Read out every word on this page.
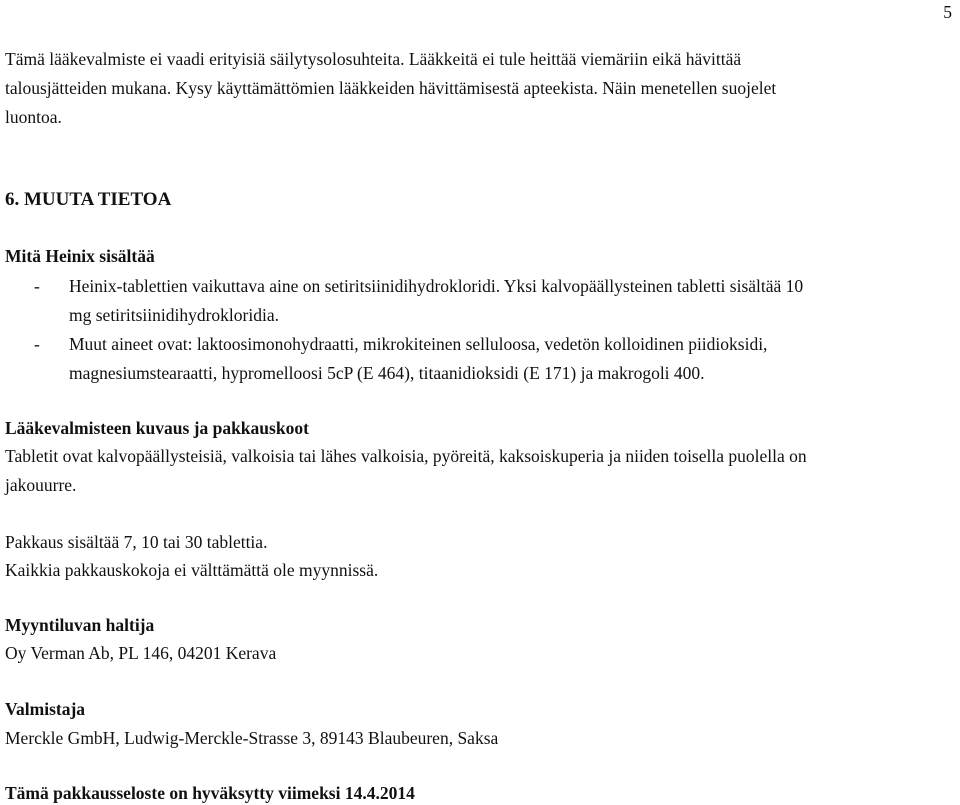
5
Tämä lääkevalmiste ei vaadi erityisiä säilytysolosuhteita. Lääkkeitä ei tule heittää viemäriin eikä hävittää
talousjätteiden mukana. Kysy käyttämättömien lääkkeiden hävittämisestä apteekista. Näin menetellen suojelet
luontoa.
6. MUUTA TIETOA
Mitä Heinix sisältää
- Heinix-tablettien vaikuttava aine on setiritsiinidihydrokloridi. Yksi kalvopäällysteinen tabletti sisältää 10
mg setiritsiinidihydrokloridia.
- Muut aineet ovat: laktoosimonohydraatti, mikrokiteinen selluloosa, vedetön kolloidinen piidioksidi,
magnesiumstearaatti, hypromelloosi 5cP (E 464), titaanidioksidi (E 171) ja makrogoli 400.
Lääkevalmisteen kuvaus ja pakkauskoot
Tabletit ovat kalvopäällysteisiä, valkoisia tai lähes valkoisia, pyöreitä, kaksoiskuperia ja niiden toisella puolella on
jakouurre.
Pakkaus sisältää 7, 10 tai 30 tablettia.
Kaikkia pakkauskokoja ei välttämättä ole myynnissä.
Myyntiluvan haltija
Oy Verman Ab, PL 146, 04201 Kerava
Valmistaja
Merckle GmbH, Ludwig-Merckle-Strasse 3, 89143 Blaubeuren, Saksa
Tämä pakkausseloste on hyväksytty viimeksi 14.4.2014
